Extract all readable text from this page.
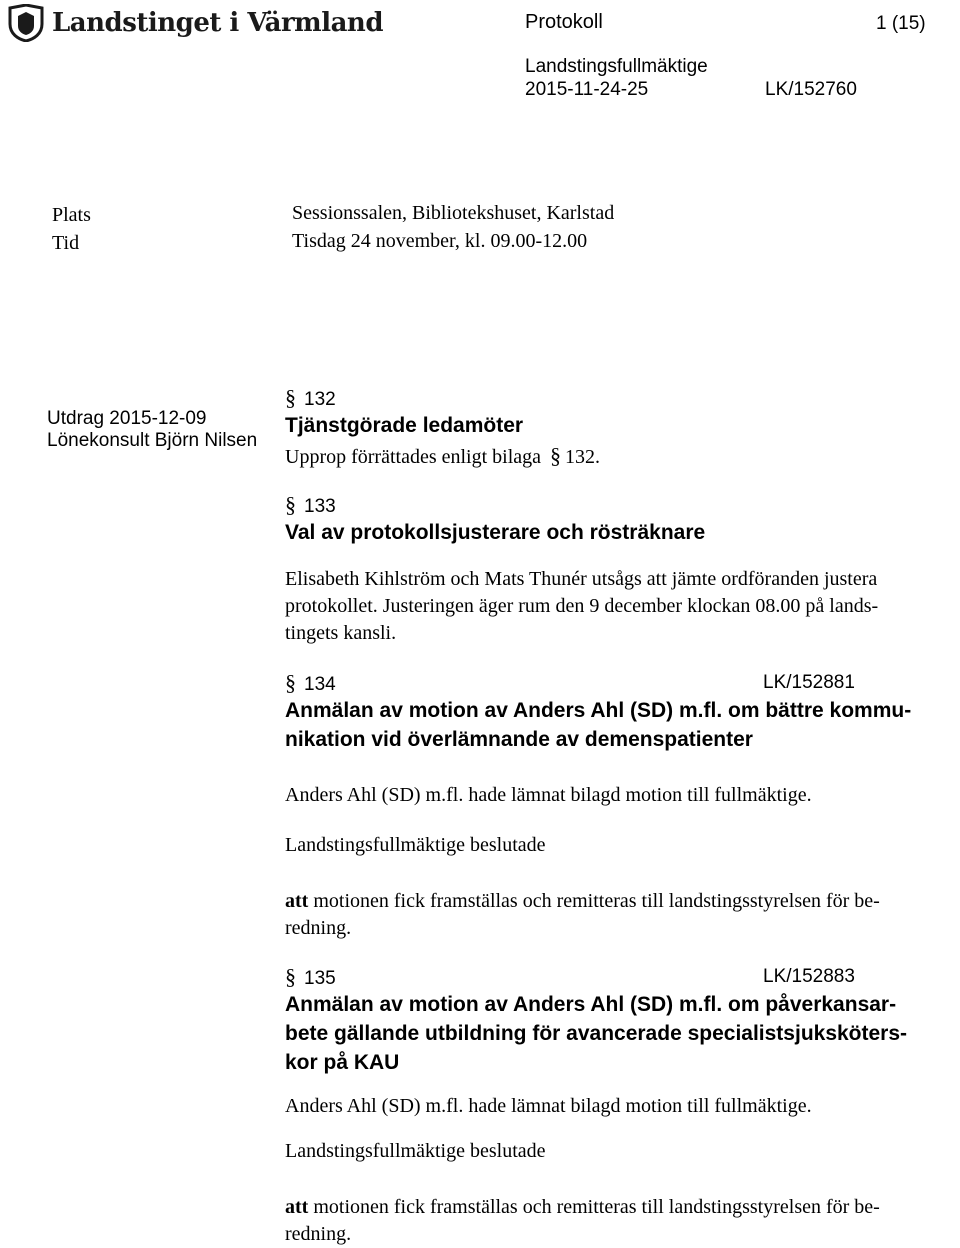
Landstinget i Värmland	Protokoll	1 (15)
Landstingsfullmäktige
2015-11-24-25	LK/152760
Plats	Sessionssalen, Bibliotekshuset, Karlstad
Tid	Tisdag 24 november, kl. 09.00-12.00
Utdrag 2015-12-09
Lönekonsult Björn Nilsen
§ 132
Tjänstgörade ledamöter
Upprop förrättades enligt bilaga § 132.
§ 133
Val av protokollsjusterare och rösträknare
Elisabeth Kihlström och Mats Thunér utsågs att jämte ordföranden justera
protokollet. Justeringen äger rum den 9 december klockan 08.00 på lands-
tingets kansli.
§ 134	LK/152881
Anmälan av motion av Anders Ahl (SD) m.fl. om bättre kommu-
nikation vid överlämnande av demenspatienter
Anders Ahl (SD) m.fl. hade lämnat bilagd motion till fullmäktige.
Landstingsfullmäktige beslutade
att motionen fick framställas och remitteras till landstingsstyrelsen för be-
redning.
§ 135	LK/152883
Anmälan av motion av Anders Ahl (SD) m.fl. om påverkansar-
bete gällande utbildning för avancerade specialistsjuksköters-
kor på KAU
Anders Ahl (SD) m.fl. hade lämnat bilagd motion till fullmäktige.
Landstingsfullmäktige beslutade
att motionen fick framställas och remitteras till landstingsstyrelsen för be-
redning.
